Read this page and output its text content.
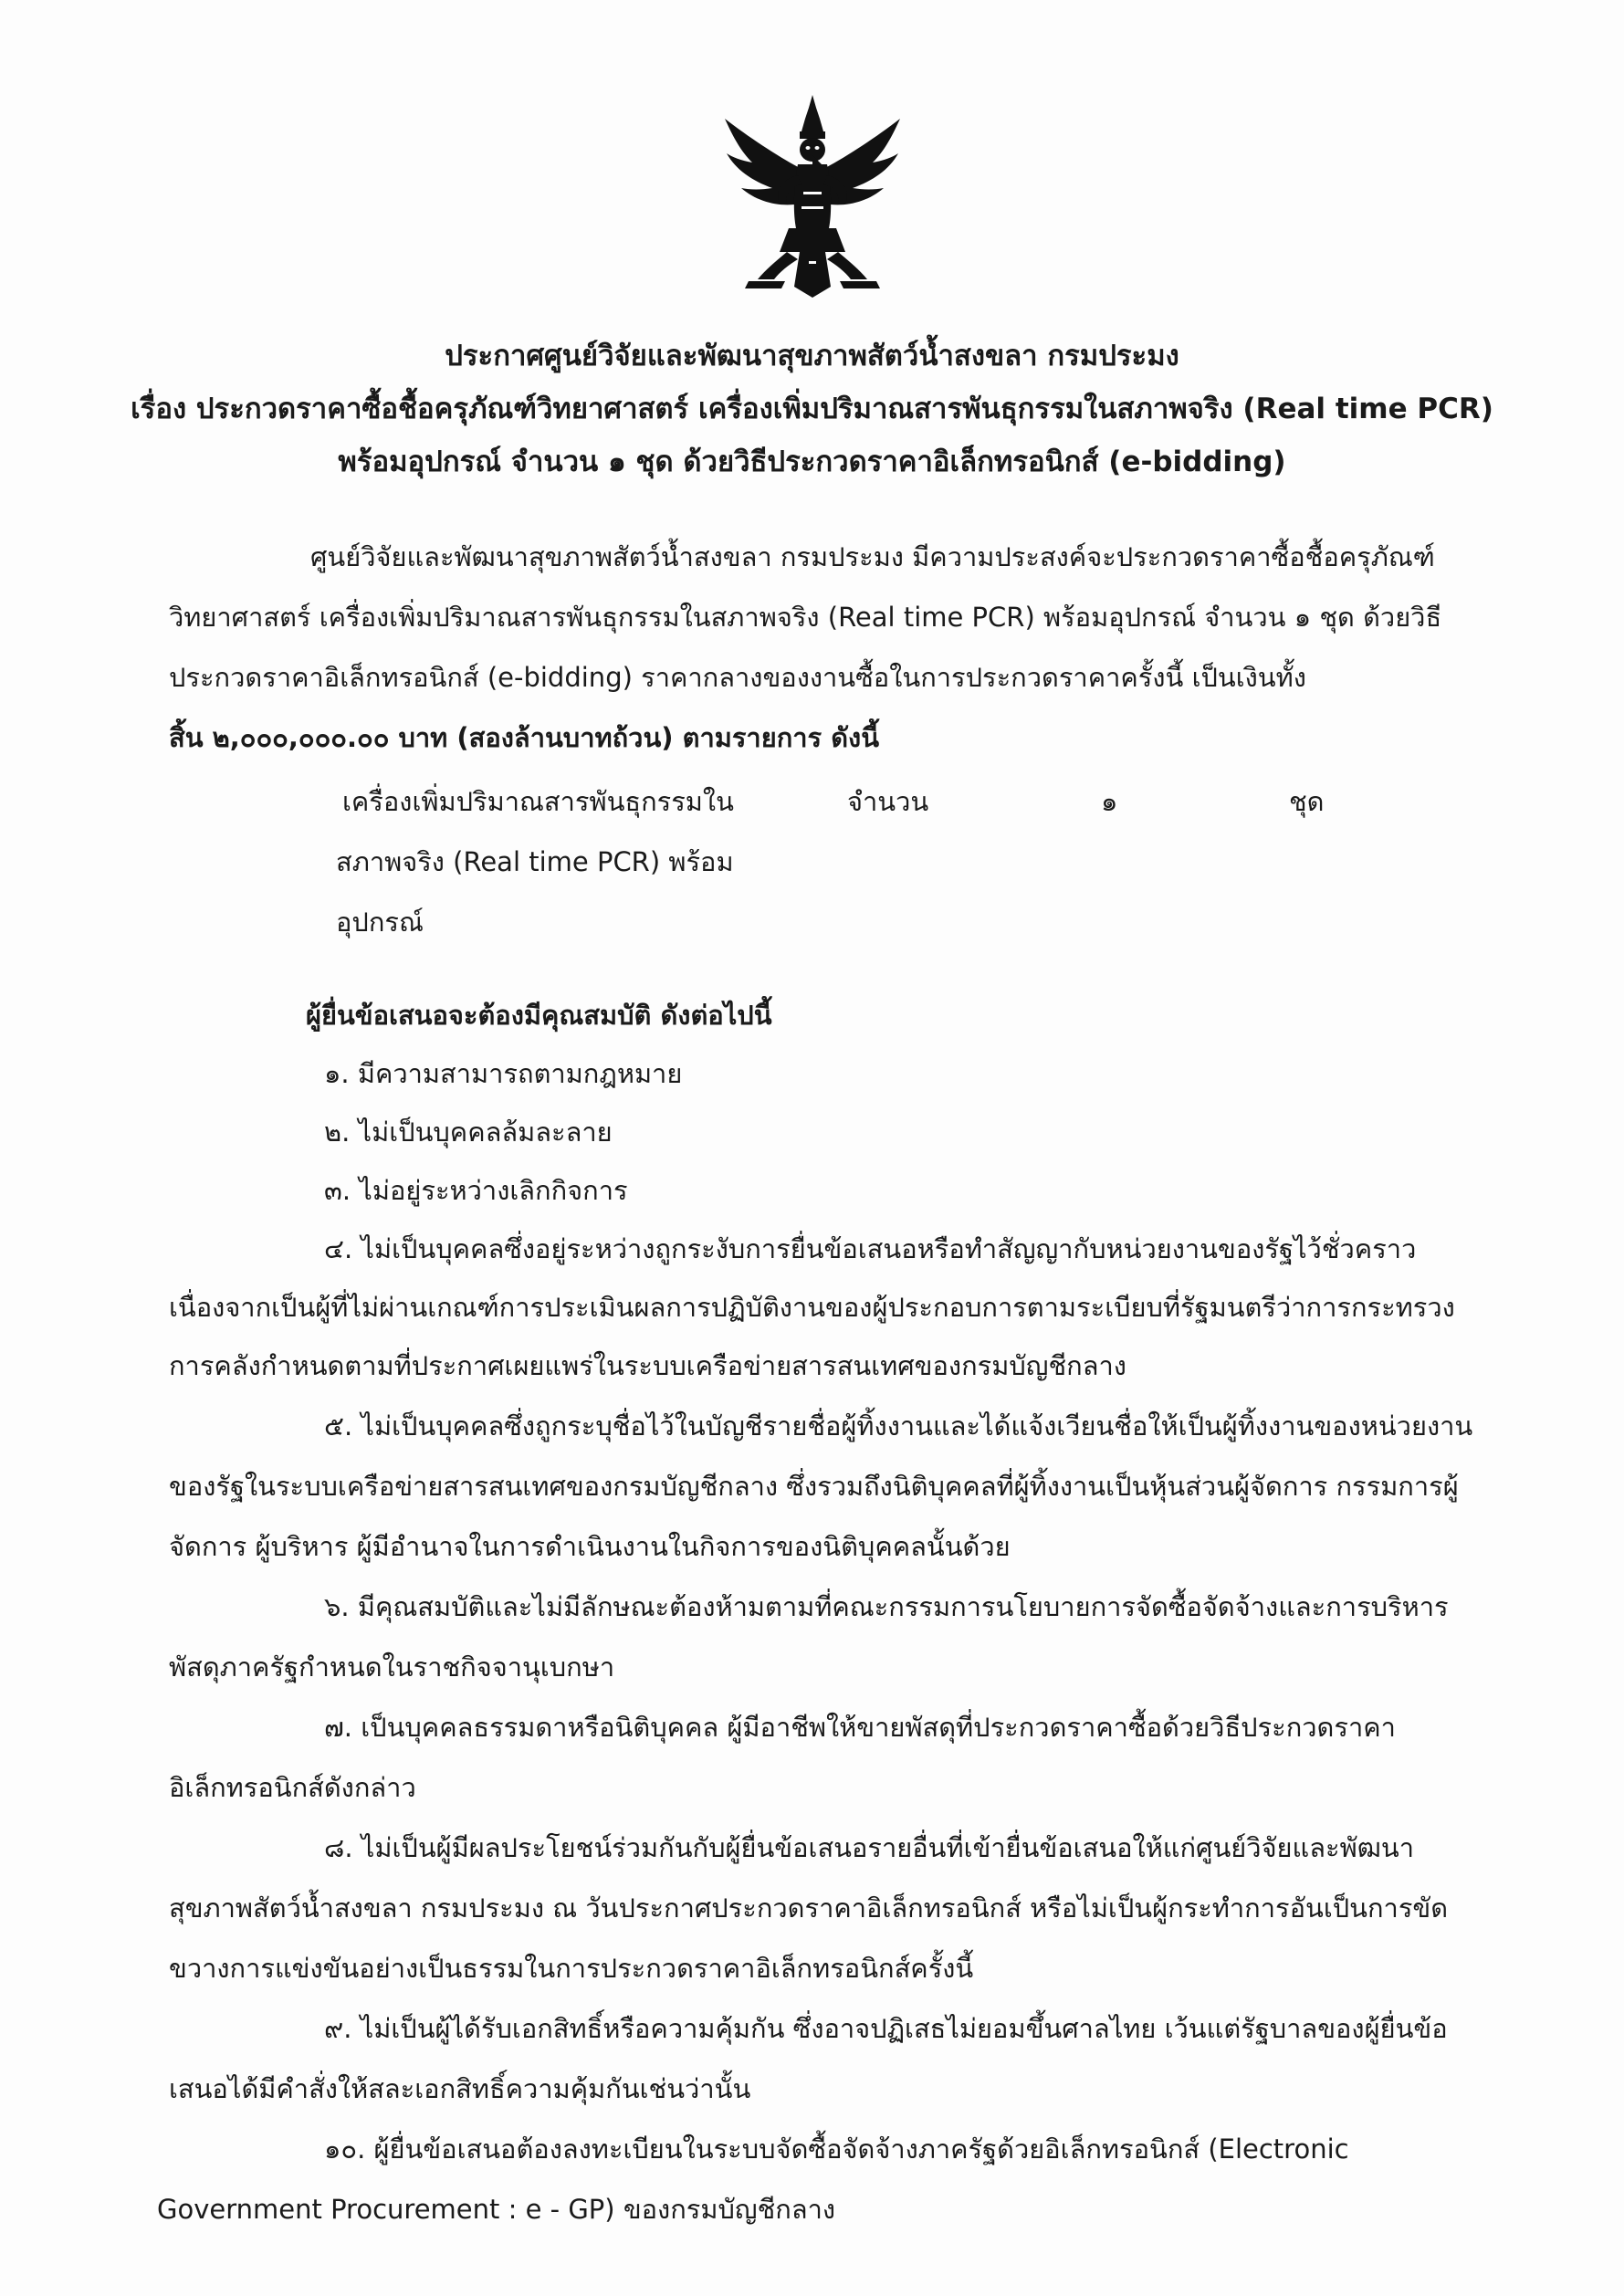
ประกาศศูนย์วิจัยและพัฒนาสุขภาพสัตว์น้ำสงขลา กรมประมง
เรื่อง ประกวดราคาซื้อชื้อครุภัณฑ์วิทยาศาสตร์ เครื่องเพิ่มปริมาณสารพันธุกรรมในสภาพจริง (Real time PCR)
พร้อมอุปกรณ์ จำนวน ๑ ชุด ด้วยวิธีประกวดราคาอิเล็กทรอนิกส์ (e-bidding)
ศูนย์วิจัยและพัฒนาสุขภาพสัตว์น้ำสงขลา กรมประมง มีความประสงค์จะประกวดราคาซื้อชื้อครุภัณฑ์
วิทยาศาสตร์ เครื่องเพิ่มปริมาณสารพันธุกรรมในสภาพจริง (Real time PCR) พร้อมอุปกรณ์ จำนวน ๑ ชุด ด้วยวิธี
ประกวดราคาอิเล็กทรอนิกส์ (e-bidding) ราคากลางของงานซื้อในการประกวดราคาครั้งนี้ เป็นเงินทั้ง
สิ้น ๒,๐๐๐,๐๐๐.๐๐ บาท (สองล้านบาทถ้วน) ตามรายการ ดังนี้
เครื่องเพิ่มปริมาณสารพันธุกรรมใน
สภาพจริง (Real time PCR) พร้อม
อุปกรณ์
จำนวน	๑	ชุด
ผู้ยื่นข้อเสนอจะต้องมีคุณสมบัติ ดังต่อไปนี้
๑. มีความสามารถตามกฎหมาย
๒. ไม่เป็นบุคคลล้มละลาย
๓. ไม่อยู่ระหว่างเลิกกิจการ
๔. ไม่เป็นบุคคลซึ่งอยู่ระหว่างถูกระงับการยื่นข้อเสนอหรือทำสัญญากับหน่วยงานของรัฐไว้ชั่วคราว
เนื่องจากเป็นผู้ที่ไม่ผ่านเกณฑ์การประเมินผลการปฏิบัติงานของผู้ประกอบการตามระเบียบที่รัฐมนตรีว่าการกระทรวง
การคลังกำหนดตามที่ประกาศเผยแพร่ในระบบเครือข่ายสารสนเทศของกรมบัญชีกลาง
๕. ไม่เป็นบุคคลซึ่งถูกระบุชื่อไว้ในบัญชีรายชื่อผู้ทิ้งงานและได้แจ้งเวียนชื่อให้เป็นผู้ทิ้งงานของหน่วยงาน
ของรัฐในระบบเครือข่ายสารสนเทศของกรมบัญชีกลาง ซึ่งรวมถึงนิติบุคคลที่ผู้ทิ้งงานเป็นหุ้นส่วนผู้จัดการ กรรมการผู้
จัดการ ผู้บริหาร ผู้มีอำนาจในการดำเนินงานในกิจการของนิติบุคคลนั้นด้วย
๖. มีคุณสมบัติและไม่มีลักษณะต้องห้ามตามที่คณะกรรมการนโยบายการจัดซื้อจัดจ้างและการบริหาร
พัสดุภาครัฐกำหนดในราชกิจจานุเบกษา
๗. เป็นบุคคลธรรมดาหรือนิติบุคคล ผู้มีอาชีพให้ขายพัสดุที่ประกวดราคาซื้อด้วยวิธีประกวดราคา
อิเล็กทรอนิกส์ดังกล่าว
๘. ไม่เป็นผู้มีผลประโยชน์ร่วมกันกับผู้ยื่นข้อเสนอรายอื่นที่เข้ายื่นข้อเสนอให้แก่ศูนย์วิจัยและพัฒนา
สุขภาพสัตว์น้ำสงขลา กรมประมง ณ วันประกาศประกวดราคาอิเล็กทรอนิกส์ หรือไม่เป็นผู้กระทำการอันเป็นการขัด
ขวางการแข่งขันอย่างเป็นธรรมในการประกวดราคาอิเล็กทรอนิกส์ครั้งนี้
๙. ไม่เป็นผู้ได้รับเอกสิทธิ์หรือความคุ้มกัน ซึ่งอาจปฏิเสธไม่ยอมขึ้นศาลไทย เว้นแต่รัฐบาลของผู้ยื่นข้อ
เสนอได้มีคำสั่งให้สละเอกสิทธิ์ความคุ้มกันเช่นว่านั้น
๑๐. ผู้ยื่นข้อเสนอต้องลงทะเบียนในระบบจัดซื้อจัดจ้างภาครัฐด้วยอิเล็กทรอนิกส์ (Electronic
Government Procurement : e - GP) ของกรมบัญชีกลาง
